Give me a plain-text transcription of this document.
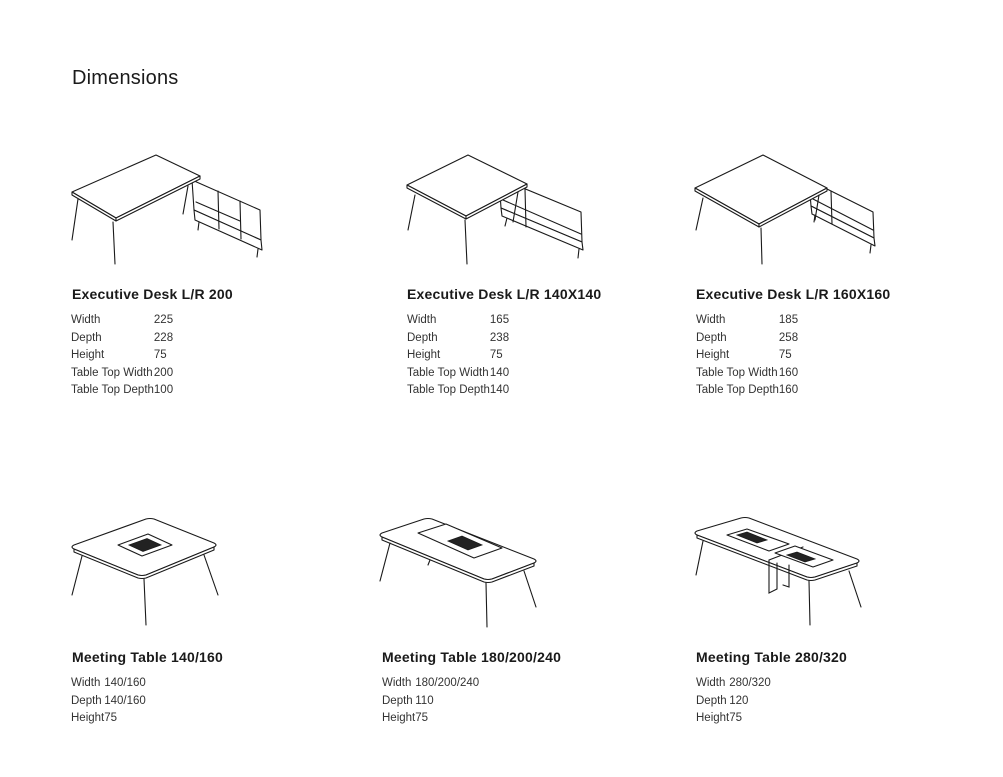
Dimensions
Executive Desk L/R 200
Width	225
Depth	228
Height	75
Table Top Width	200
Table Top Depth	100
Executive Desk L/R 140X140
Width	165
Depth	238
Height	75
Table Top Width	140
Table Top Depth	140
Executive Desk L/R 160X160
Width	185
Depth	258
Height	75
Table Top Width	160
Table Top Depth	160
Meeting Table 140/160
Width	140/160
Depth	140/160
Height	75
Meeting Table 180/200/240
Width	180/200/240
Depth	110
Height	75
Meeting Table 280/320
Width	280/320
Depth	120
Height	75
